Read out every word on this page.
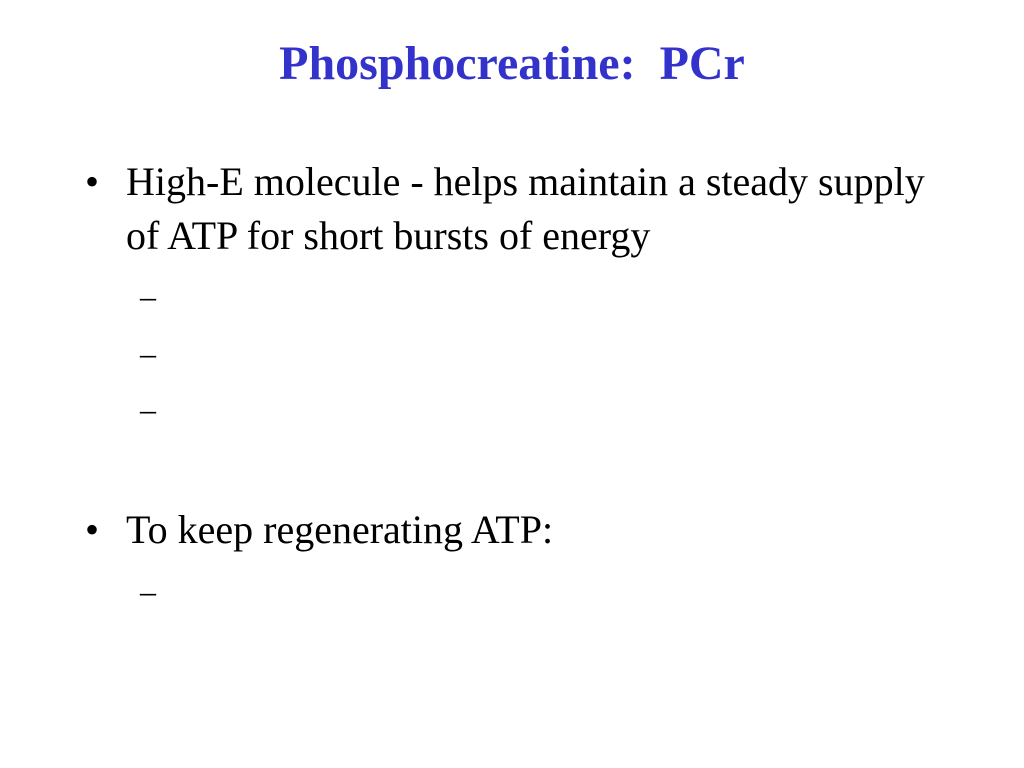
Phosphocreatine:  PCr
• High-E molecule - helps maintain a steady supply of ATP for short bursts of energy
–
–
–
• To keep regenerating ATP:
–
